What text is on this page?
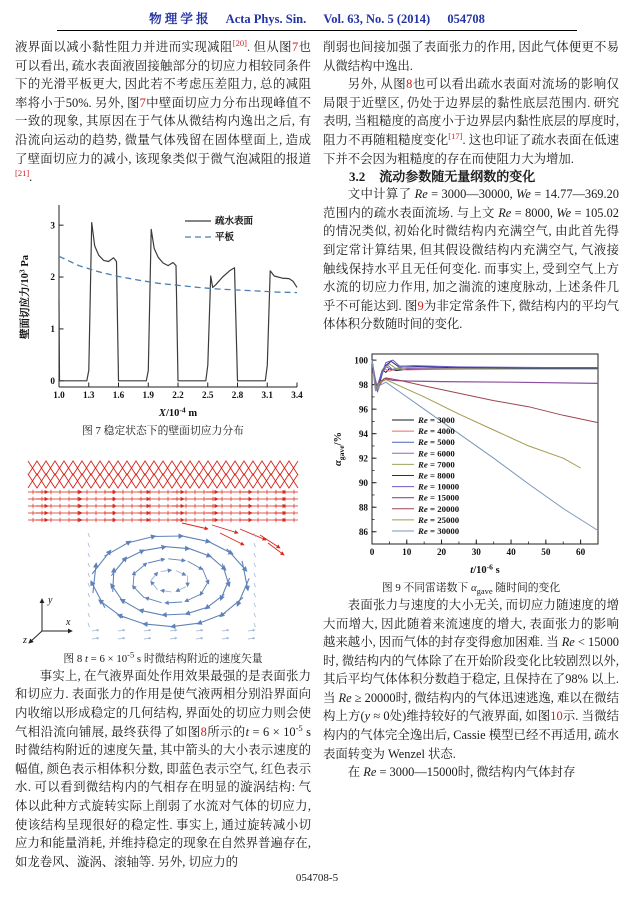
物 理 学 报 Acta Phys. Sin. Vol. 63, No. 5 (2014) 054708

液界面以减小黏性阻力并进而实现减阻[20]. 但从图7也可以看出, 疏水表面液固接触部分的切应力相较同条件下的光滑平板更大, 因此若不考虑压差阻力, 总的减阻率将小于50%. 另外, 图7中壁面切应力分布出现峰值不一致的现象, 其原因在于气体从微结构内逸出之后, 有沿流向运动的趋势, 微量气体残留在固体壁面上, 造成了壁面切应力的减小, 该现象类似于微气泡减阻的报道[21].

1.0 1.3 1.6 1.9 2.2 2.5 2.8 3.1 3.4
0
1
2
3
$X/10^{-4}$ m
壁面切应力$/10^3$ Pa
疏水表面
平板
图 7 稳定状态下的壁面切应力分布
y
x
z
图 8 $t = 6 \times 10^{-5}$ s 时微结构附近的速度矢量

事实上, 在气液界面处作用效果最强的是表面张力和切应力. 表面张力的作用是使气液两相分别沿界面向内收缩以形成稳定的几何结构, 界面处的切应力则会使气相沿流向铺展, 最终获得了如图8所示的$t = 6 \times 10^{-5}$ s 时微结构附近的速度矢量, 其中箭头的大小表示速度的幅值, 颜色表示相体积分数, 即蓝色表示空气, 红色表示水. 可以看到微结构内的气相存在明显的漩涡结构: 气体以此种方式旋转实际上削弱了水流对气体的切应力, 使该结构呈现很好的稳定性. 事实上, 通过旋转减小切应力和能量消耗, 并维持稳定的现象在自然界普遍存在, 如龙卷风、漩涡、滚轴等. 另外, 切应力的

削弱也间接加强了表面张力的作用, 因此气体便更不易从微结构中逸出.

另外, 从图8也可以看出疏水表面对流场的影响仅局限于近壁区, 仍处于边界层的黏性底层范围内. 研究表明, 当粗糙度的高度小于边界层内黏性底层的厚度时, 阻力不再随粗糙度变化[17]. 这也印证了疏水表面在低速下并不会因为粗糙度的存在而使阻力大为增加.

3.2 流动参数随无量纲数的变化

文中计算了 Re = 3000—30000, We = 14.77—369.20 范围内的疏水表面流场. 与上文 Re = 8000, We = 105.02 的情况类似, 初始化时微结构内充满空气, 由此首先得到定常计算结果, 但其假设微结构内充满空气, 气液接触线保持水平且无任何变化. 而事实上, 受到空气上方水流的切应力作用, 加之湍流的速度脉动, 上述条件几乎不可能达到. 图9为非定常条件下, 微结构内的平均气体体积分数随时间的变化.

0	10	20	30	40	50	60
86
88
90
92
94
96
98
100
$t/10^{-6}$ s
$\alpha_{gave}/\%$
Re = 3000
Re = 4000
Re = 5000
Re = 6000
Re = 7000
Re = 8000
Re = 10000
Re = 15000
Re = 20000
Re = 25000
Re = 30000
图 9 不同雷诺数下 $\alpha_{gave}$ 随时间的变化

表面张力与速度的大小无关, 而切应力随速度的增大而增大, 因此随着来流速度的增大, 表面张力的影响越来越小, 因而气体的封存变得愈加困难. 当 Re < 15000时, 微结构内的气体除了在开始阶段变化比较剧烈以外, 其后平均气体体积分数趋于稳定, 且保持在了98% 以上. 当 Re ≥ 20000时, 微结构内的气体迅速逃逸, 难以在微结构上方(y ≈ 0处)维持较好的气液界面, 如图10示. 当微结构内的气体完全逸出后, Cassie 模型已经不再适用, 疏水表面转变为 Wenzel 状态.

在 Re = 3000—15000时, 微结构内气体封存

054708-5
